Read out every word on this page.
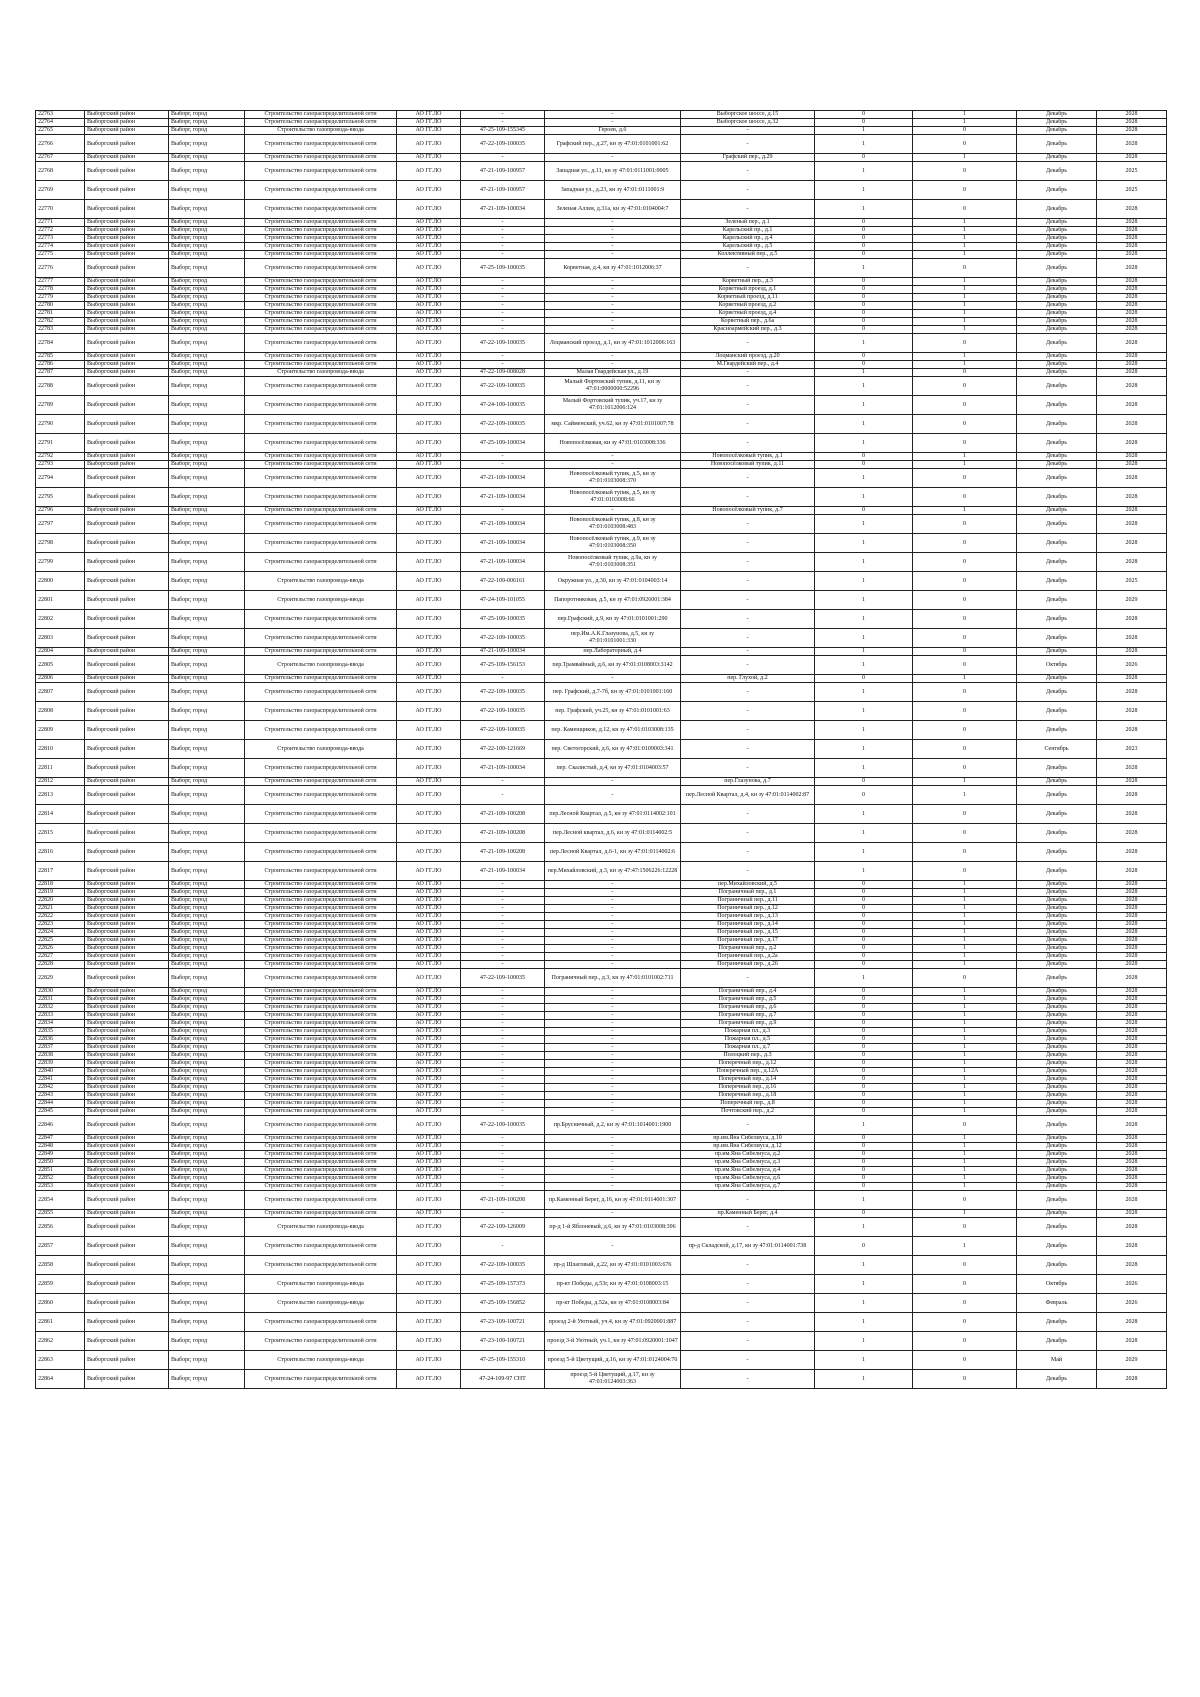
22763	Выборгский район	Выборг, город	Строительство газораспределительной сети	АО ГГ.ЛО	-	-	Выборгское шоссе, д.15	0	1	Декабрь	2028
22764	Выборгский район	Выборг, город	Строительство газораспределительной сети	АО ГГ.ЛО	-	-	Выборгское шоссе, д.32	0	1	Декабрь	2028
22765	Выборгский район	Выборг, город	Строительство газопровода-ввода	АО ГГ.ЛО	47-25-109-155345	Героев, д.6	-	1	0	Декабрь	2028
22766	Выборгский район	Выборг, город	Строительство газораспределительной сети	АО ГГ.ЛО	47-22-109-100035	Графский пер., д.27, кн зу 47:01:0101001:62	-	1	0	Декабрь	2028
22767	Выборгский район	Выборг, город	Строительство газораспределительной сети	АО ГГ.ЛО	-	-	Графский пер., д.29	0	1	Декабрь	2028
22768	Выборгский район	Выборг, город	Строительство газораспределительной сети	АО ГГ.ЛО	47-21-109-100957	Западная ул., д.11, кн зу 47:01:0111001:0005	-	1	0	Декабрь	2025
22769	Выборгский район	Выборг, город	Строительство газораспределительной сети	АО ГГ.ЛО	47-21-109-100957	Западная ул., д.23, кн зу 47:01:0111001:9	-	1	0	Декабрь	2025
22770	Выборгский район	Выборг, город	Строительство газораспределительной сети	АО ГГ.ЛО	47-21-109-100034	Зеленая Аллея, д.31а, кн зу 47:01:0104004:7	-	1	0	Декабрь	2028
22771	Выборгский район	Выборг, город	Строительство газораспределительной сети	АО ГГ.ЛО	-	-	Зеленый пер., д.1	0	1	Декабрь	2028
22772	Выборгский район	Выборг, город	Строительство газораспределительной сети	АО ГГ.ЛО	-	-	Карельский пр., д.1	0	1	Декабрь	2028
22773	Выборгский район	Выборг, город	Строительство газораспределительной сети	АО ГГ.ЛО	-	-	Карельский пр., д.4	0	1	Декабрь	2028
22774	Выборгский район	Выборг, город	Строительство газораспределительной сети	АО ГГ.ЛО	-	-	Карельский пр., д.5	0	1	Декабрь	2028
22775	Выборгский район	Выборг, город	Строительство газораспределительной сети	АО ГГ.ЛО	-	-	Коллективный пер., д.5	0	1	Декабрь	2028
22776	Выборгский район	Выборг, город	Строительство газораспределительной сети	АО ГГ.ЛО	47-25-109-100035	Корветная, д.4, кн зу 47:01:1012006:37	-	1	0	Декабрь	2028
22777	Выборгский район	Выборг, город	Строительство газораспределительной сети	АО ГГ.ЛО	-	-	Корветный пер., д.3	0	1	Декабрь	2028
22778	Выборгский район	Выборг, город	Строительство газораспределительной сети	АО ГГ.ЛО	-	-	Корветный проезд, д.1	0	1	Декабрь	2028
22779	Выборгский район	Выборг, город	Строительство газораспределительной сети	АО ГГ.ЛО	-	-	Корветный проезд, д.11	0	1	Декабрь	2028
22780	Выборгский район	Выборг, город	Строительство газораспределительной сети	АО ГГ.ЛО	-	-	Корветный проезд, д.2	0	1	Декабрь	2028
22781	Выборгский район	Выборг, город	Строительство газораспределительной сети	АО ГГ.ЛО	-	-	Корветный проезд, д.4	0	1	Декабрь	2028
22782	Выборгский район	Выборг, город	Строительство газораспределительной сети	АО ГГ.ЛО	-	-	Корветный пер., д.6а	0	1	Декабрь	2028
22783	Выборгский район	Выборг, город	Строительство газораспределительной сети	АО ГГ.ЛО	-	-	Красноармейский пер., д.3	0	1	Декабрь	2028
22784	Выборгский район	Выборг, город	Строительство газораспределительной сети	АО ГГ.ЛО	47-22-109-100035	Лоцманский проезд, д.1, кн зу 47:01:1012006:163	-	1	0	Декабрь	2028
22785	Выборгский район	Выборг, город	Строительство газораспределительной сети	АО ГГ.ЛО	-	-	Лоцманский проезд, д.20	0	1	Декабрь	2028
22786	Выборгский район	Выборг, город	Строительство газораспределительной сети	АО ГГ.ЛО	-	-	М.Гвардейский пер., д.4	0	1	Декабрь	2028
22787	Выборгский район	Выборг, город	Строительство газопровода-ввода	АО ГГ.ЛО	47-22-109-008028	Малая Гвардейская ул., д.19	-	1	0	Декабрь	2028
22788	Выборгский район	Выборг, город	Строительство газораспределительной сети	АО ГГ.ЛО	47-22-109-100035	Малый Фортовский тупик, д.11, кн зу 47:01:0000000:52296	-	1	0	Декабрь	2028
22789	Выборгский район	Выборг, город	Строительство газораспределительной сети	АО ГГ.ЛО	47-24-109-100035	Малый Фортовский тупик, уч.17, кн зу 47:01:1012006:124	-	1	0	Декабрь	2028
22790	Выборгский район	Выборг, город	Строительство газораспределительной сети	АО ГГ.ЛО	47-22-109-100035	мкр. Сайменский, уч.62, кн зу 47:01:0101007:78	-	1	0	Декабрь	2028
22791	Выборгский район	Выборг, город	Строительство газораспределительной сети	АО ГГ.ЛО	47-25-109-100034	Новопосёлковая, кн зу 47:01:0103008:336	-	1	0	Декабрь	2028
22792	Выборгский район	Выборг, город	Строительство газораспределительной сети	АО ГГ.ЛО	-	-	Новопосёлковый тупик, д.1	0	1	Декабрь	2028
22793	Выборгский район	Выборг, город	Строительство газораспределительной сети	АО ГГ.ЛО	-	-	Новопосёлковый тупик, д.11	0	1	Декабрь	2028
22794	Выборгский район	Выборг, город	Строительство газораспределительной сети	АО ГГ.ЛО	47-21-109-100034	Новопосёлковый тупик, д.5, кн зу 47:01:0103008:370	-	1	0	Декабрь	2028
22795	Выборгский район	Выборг, город	Строительство газораспределительной сети	АО ГГ.ЛО	47-21-109-100034	Новопосёлковый тупик, д.5, кн зу 47:01:0103008:66	-	1	0	Декабрь	2028
22796	Выборгский район	Выборг, город	Строительство газораспределительной сети	АО ГГ.ЛО	-	-	Новопосёлковый тупик, д.7	0	1	Декабрь	2028
22797	Выборгский район	Выборг, город	Строительство газораспределительной сети	АО ГГ.ЛО	47-21-109-100034	Новопосёлковый тупик, д.8, кн зу 47:01:0103008:483	-	1	0	Декабрь	2028
22798	Выборгский район	Выборг, город	Строительство газораспределительной сети	АО ГГ.ЛО	47-21-109-100034	Новопосёлковый тупик, д.9, кн зу 47:01:0103008:350	-	1	0	Декабрь	2028
22799	Выборгский район	Выборг, город	Строительство газораспределительной сети	АО ГГ.ЛО	47-21-109-100034	Новопосёлковый тупик, д.9а, кн зу 47:01:0103008:351	-	1	0	Декабрь	2028
22800	Выборгский район	Выборг, город	Строительство газопровода-ввода	АО ГГ.ЛО	47-22-109-006161	Окружная ул., д.30, кн зу 47:01:0104003:14	-	1	0	Декабрь	2025
22801	Выборгский район	Выборг, город	Строительство газопровода-ввода	АО ГГ.ЛО	47-24-109-101055	Папоротниковая, д.5, кн зу 47:01:0926001:384	-	1	0	Декабрь	2029
22802	Выборгский район	Выборг, город	Строительство газораспределительной сети	АО ГГ.ЛО	47-25-109-100035	пер.Графский, д.9, кн зу 47:01:0101001:290	-	1	0	Декабрь	2028
22803	Выборгский район	Выборг, город	Строительство газораспределительной сети	АО ГГ.ЛО	47-22-109-100035	пер.Им.А.К.Глазунова, д.5, кн зу 47:01:0101001:330	-	1	0	Декабрь	2028
22804	Выборгский район	Выборг, город	Строительство газораспределительной сети	АО ГГ.ЛО	47-21-109-100034	пер.Лабораторный, д.4	-	1	0	Декабрь	2028
22805	Выборгский район	Выборг, город	Строительство газопровода-ввода	АО ГГ.ЛО	47-25-109-156153	пер.Трамвайный, д.6, кн зу 47:01:0108003:3142	-	1	0	Октябрь	2026
22806	Выборгский район	Выборг, город	Строительство газораспределительной сети	АО ГГ.ЛО	-	-	пер. Глухой, д.2	0	1	Декабрь	2028
22807	Выборгский район	Выборг, город	Строительство газораспределительной сети	АО ГГ.ЛО	47-22-109-100035	пер. Графский, д.7-7б, кн зу 47:01:0101001:160	-	1	0	Декабрь	2028
22808	Выборгский район	Выборг, город	Строительство газораспределительной сети	АО ГГ.ЛО	47-22-109-100035	пер. Графский, уч.25, кн зу 47:01:0101001:63	-	1	0	Декабрь	2028
22809	Выборгский район	Выборг, город	Строительство газораспределительной сети	АО ГГ.ЛО	47-22-109-100035	пер. Каменщиков, д.12, кн зу 47:01:0103008:135	-	1	0	Декабрь	2028
22810	Выборгский район	Выборг, город	Строительство газопровода-ввода	АО ГГ.ЛО	47-22-109-121669	пер. Светогорский, д.6, кн зу 47:01:0109003:341	-	1	0	Сентябрь	2023
22811	Выборгский район	Выборг, город	Строительство газораспределительной сети	АО ГГ.ЛО	47-21-109-100034	пер. Скалистый, д.4, кн зу 47:01:0104003:57	-	1	0	Декабрь	2028
22812	Выборгский район	Выборг, город	Строительство газораспределительной сети	АО ГГ.ЛО	-	-	пер.Глазунова, д.7	0	1	Декабрь	2028
22813	Выборгский район	Выборг, город	Строительство газораспределительной сети	АО ГГ.ЛО	-	-	пер.Лесной Квартал, д.4, кн зу 47:01:0114002:87	0	1	Декабрь	2028
22814	Выборгский район	Выборг, город	Строительство газораспределительной сети	АО ГГ.ЛО	47-21-109-100208	пер.Лесной Квартал, д.5, кн зу 47:01:0114002:101	-	1	0	Декабрь	2028
22815	Выборгский район	Выборг, город	Строительство газораспределительной сети	АО ГГ.ЛО	47-21-109-100208	пер.Лесной квартал, д.6, кн зу 47:01:0114002:5	-	1	0	Декабрь	2028
22816	Выборгский район	Выборг, город	Строительство газораспределительной сети	АО ГГ.ЛО	47-21-109-100208	пер.Лесной Квартал, д.6-1, кн зу 47:01:0114002:6	-	1	0	Декабрь	2028
22817	Выборгский район	Выборг, город	Строительство газораспределительной сети	АО ГГ.ЛО	47-21-109-100034	пер.Михайловский, д.3, кн зу 47:47:1506226:12228	-	1	0	Декабрь	2028
22818	Выборгский район	Выборг, город	Строительство газораспределительной сети	АО ГГ.ЛО	-	-	пер.Михайловский, д.5	0	1	Декабрь	2028
22819	Выборгский район	Выборг, город	Строительство газораспределительной сети	АО ГГ.ЛО	-	-	Пограничный пер., д.1	0	1	Декабрь	2028
22820	Выборгский район	Выборг, город	Строительство газораспределительной сети	АО ГГ.ЛО	-	-	Пограничный пер., д.11	0	1	Декабрь	2028
22821	Выборгский район	Выборг, город	Строительство газораспределительной сети	АО ГГ.ЛО	-	-	Пограничный пер., д.12	0	1	Декабрь	2028
22822	Выборгский район	Выборг, город	Строительство газораспределительной сети	АО ГГ.ЛО	-	-	Пограничный пер., д.13	0	1	Декабрь	2028
22823	Выборгский район	Выборг, город	Строительство газораспределительной сети	АО ГГ.ЛО	-	-	Пограничный пер., д.14	0	1	Декабрь	2028
22824	Выборгский район	Выборг, город	Строительство газораспределительной сети	АО ГГ.ЛО	-	-	Пограничный пер., д.15	0	1	Декабрь	2028
22825	Выборгский район	Выборг, город	Строительство газораспределительной сети	АО ГГ.ЛО	-	-	Пограничный пер., д.17	0	1	Декабрь	2028
22826	Выборгский район	Выборг, город	Строительство газораспределительной сети	АО ГГ.ЛО	-	-	Пограничный пер., д.2	0	1	Декабрь	2028
22827	Выборгский район	Выборг, город	Строительство газораспределительной сети	АО ГГ.ЛО	-	-	Пограничный пер., д.2а	0	1	Декабрь	2028
22828	Выборгский район	Выборг, город	Строительство газораспределительной сети	АО ГГ.ЛО	-	-	Пограничный пер., д.26	0	1	Декабрь	2028
22829	Выборгский район	Выборг, город	Строительство газораспределительной сети	АО ГГ.ЛО	47-22-109-100035	Пограничный пер., д.3, кн зу 47:01:0101002:711	-	1	0	Декабрь	2028
22830	Выборгский район	Выборг, город	Строительство газораспределительной сети	АО ГГ.ЛО	-	-	Пограничный пер., д.4	0	1	Декабрь	2028
22831	Выборгский район	Выборг, город	Строительство газораспределительной сети	АО ГГ.ЛО	-	-	Пограничный пер., д.5	0	1	Декабрь	2028
22832	Выборгский район	Выборг, город	Строительство газораспределительной сети	АО ГГ.ЛО	-	-	Пограничный пер., д.6	0	1	Декабрь	2028
22833	Выборгский район	Выборг, город	Строительство газораспределительной сети	АО ГГ.ЛО	-	-	Пограничный пер., д.7	0	1	Декабрь	2028
22834	Выборгский район	Выборг, город	Строительство газораспределительной сети	АО ГГ.ЛО	-	-	Пограничный пер., д.9	0	1	Декабрь	2028
22835	Выборгский район	Выборг, город	Строительство газораспределительной сети	АО ГГ.ЛО	-	-	Пожарная пл., д.3	0	1	Декабрь	2028
22836	Выборгский район	Выборг, город	Строительство газораспределительной сети	АО ГГ.ЛО	-	-	Пожарная пл., д.5	0	1	Декабрь	2028
22837	Выборгский район	Выборг, город	Строительство газораспределительной сети	АО ГГ.ЛО	-	-	Пожарная пл., д.7	0	1	Декабрь	2028
22838	Выборгский район	Выборг, город	Строительство газораспределительной сети	АО ГГ.ЛО	-	-	Полоцкий пер., д.3	0	1	Декабрь	2028
22839	Выборгский район	Выборг, город	Строительство газораспределительной сети	АО ГГ.ЛО	-	-	Поперечный пер., д.12	0	1	Декабрь	2028
22840	Выборгский район	Выборг, город	Строительство газораспределительной сети	АО ГГ.ЛО	-	-	Поперечный пер., д.12А	0	1	Декабрь	2028
22841	Выборгский район	Выборг, город	Строительство газораспределительной сети	АО ГГ.ЛО	-	-	Поперечный пер., д.14	0	1	Декабрь	2028
22842	Выборгский район	Выборг, город	Строительство газораспределительной сети	АО ГГ.ЛО	-	-	Поперечный пер., д.16	0	1	Декабрь	2028
22843	Выборгский район	Выборг, город	Строительство газораспределительной сети	АО ГГ.ЛО	-	-	Поперечный пер., д.18	0	1	Декабрь	2028
22844	Выборгский район	Выборг, город	Строительство газораспределительной сети	АО ГГ.ЛО	-	-	Поперечный пер., д.8	0	1	Декабрь	2028
22845	Выборгский район	Выборг, город	Строительство газораспределительной сети	АО ГГ.ЛО	-	-	Почтовский пер., д.2	0	1	Декабрь	2028
22846	Выборгский район	Выборг, город	Строительство газораспределительной сети	АО ГГ.ЛО	47-22-109-100035	пр.Брусничный, д.2, кн зу 47:01:1014001:1900	-	1	0	Декабрь	2028
22847	Выборгский район	Выборг, город	Строительство газораспределительной сети	АО ГГ.ЛО	-	-	пр.им.Яна Сибелиуса, д.10	0	1	Декабрь	2028
22848	Выборгский район	Выборг, город	Строительство газораспределительной сети	АО ГГ.ЛО	-	-	пр.им.Яна Сибелиуса, д.12	0	1	Декабрь	2028
22849	Выборгский район	Выборг, город	Строительство газораспределительной сети	АО ГГ.ЛО	-	-	пр.им.Яна Сибелиуса, д.2	0	1	Декабрь	2028
22850	Выборгский район	Выборг, город	Строительство газораспределительной сети	АО ГГ.ЛО	-	-	пр.им.Яна Сибелиуса, д.3	0	1	Декабрь	2028
22851	Выборгский район	Выборг, город	Строительство газораспределительной сети	АО ГГ.ЛО	-	-	пр.им.Яна Сибелиуса, д.4	0	1	Декабрь	2028
22852	Выборгский район	Выборг, город	Строительство газораспределительной сети	АО ГГ.ЛО	-	-	пр.им.Яна Сибелиуса, д.6	0	1	Декабрь	2028
22853	Выборгский район	Выборг, город	Строительство газораспределительной сети	АО ГГ.ЛО	-	-	пр.им.Яна Сибелиуса, д.7	0	1	Декабрь	2028
22854	Выборгский район	Выборг, город	Строительство газораспределительной сети	АО ГГ.ЛО	47-21-109-100208	пр.Каменный Берег, д.16, кн зу 47:01:0114001:307	-	1	0	Декабрь	2028
22855	Выборгский район	Выборг, город	Строительство газораспределительной сети	АО ГГ.ЛО	-	-	пр.Каменный Берег, д.4	0	1	Декабрь	2028
22856	Выборгский район	Выборг, город	Строительство газопровода-ввода	АО ГГ.ЛО	47-22-109-126009	пр-д 1-й Яблоневый, д.6, кн зу 47:01:0103008:396	-	1	0	Декабрь	2028
22857	Выборгский район	Выборг, город	Строительство газораспределительной сети	АО ГГ.ЛО	-	-	пр-д Складской, д.17, кн зу 47:01:0114001:738	0	1	Декабрь	2028
22858	Выборгский район	Выборг, город	Строительство газораспределительной сети	АО ГГ.ЛО	47-22-109-100035	пр-д Шлаговый, д.22, кн зу 47:01:0101003:676	-	1	0	Декабрь	2028
22859	Выборгский район	Выборг, город	Строительство газопровода-ввода	АО ГГ.ЛО	47-25-109-157373	пр-кт Победы, д.53г, кн зу 47:01:0108003:15	-	1	0	Октябрь	2026
22860	Выборгский район	Выборг, город	Строительство газопровода-ввода	АО ГГ.ЛО	47-25-109-156852	пр-кт Победы, д.52а, кн зу 47:01:0108003:84	-	1	0	Февраль	2026
22861	Выборгский район	Выборг, город	Строительство газораспределительной сети	АО ГГ.ЛО	47-23-109-100721	проезд 2-й Уютный, уч.4, кн зу 47:01:0920001:887	-	1	0	Декабрь	2028
22862	Выборгский район	Выборг, город	Строительство газораспределительной сети	АО ГГ.ЛО	47-23-109-100721	проезд 3-й Уютный, уч.1, кн зу 47:01:0920001:1047	-	1	0	Декабрь	2028
22863	Выборгский район	Выборг, город	Строительство газопровода-ввода	АО ГГ.ЛО	47-25-109-155310	проезд 5-й Цветущий, д.16, кн зу 47:01:0124004:70	-	1	0	Май	2029
22864	Выборгский район	Выборг, город	Строительство газораспределительной сети	АО ГГ.ЛО	47-24-109-97 СНТ	проезд 5-й Цветущий, д.17, кн зу 47:01:0124003:363	-	1	0	Декабрь	2028
